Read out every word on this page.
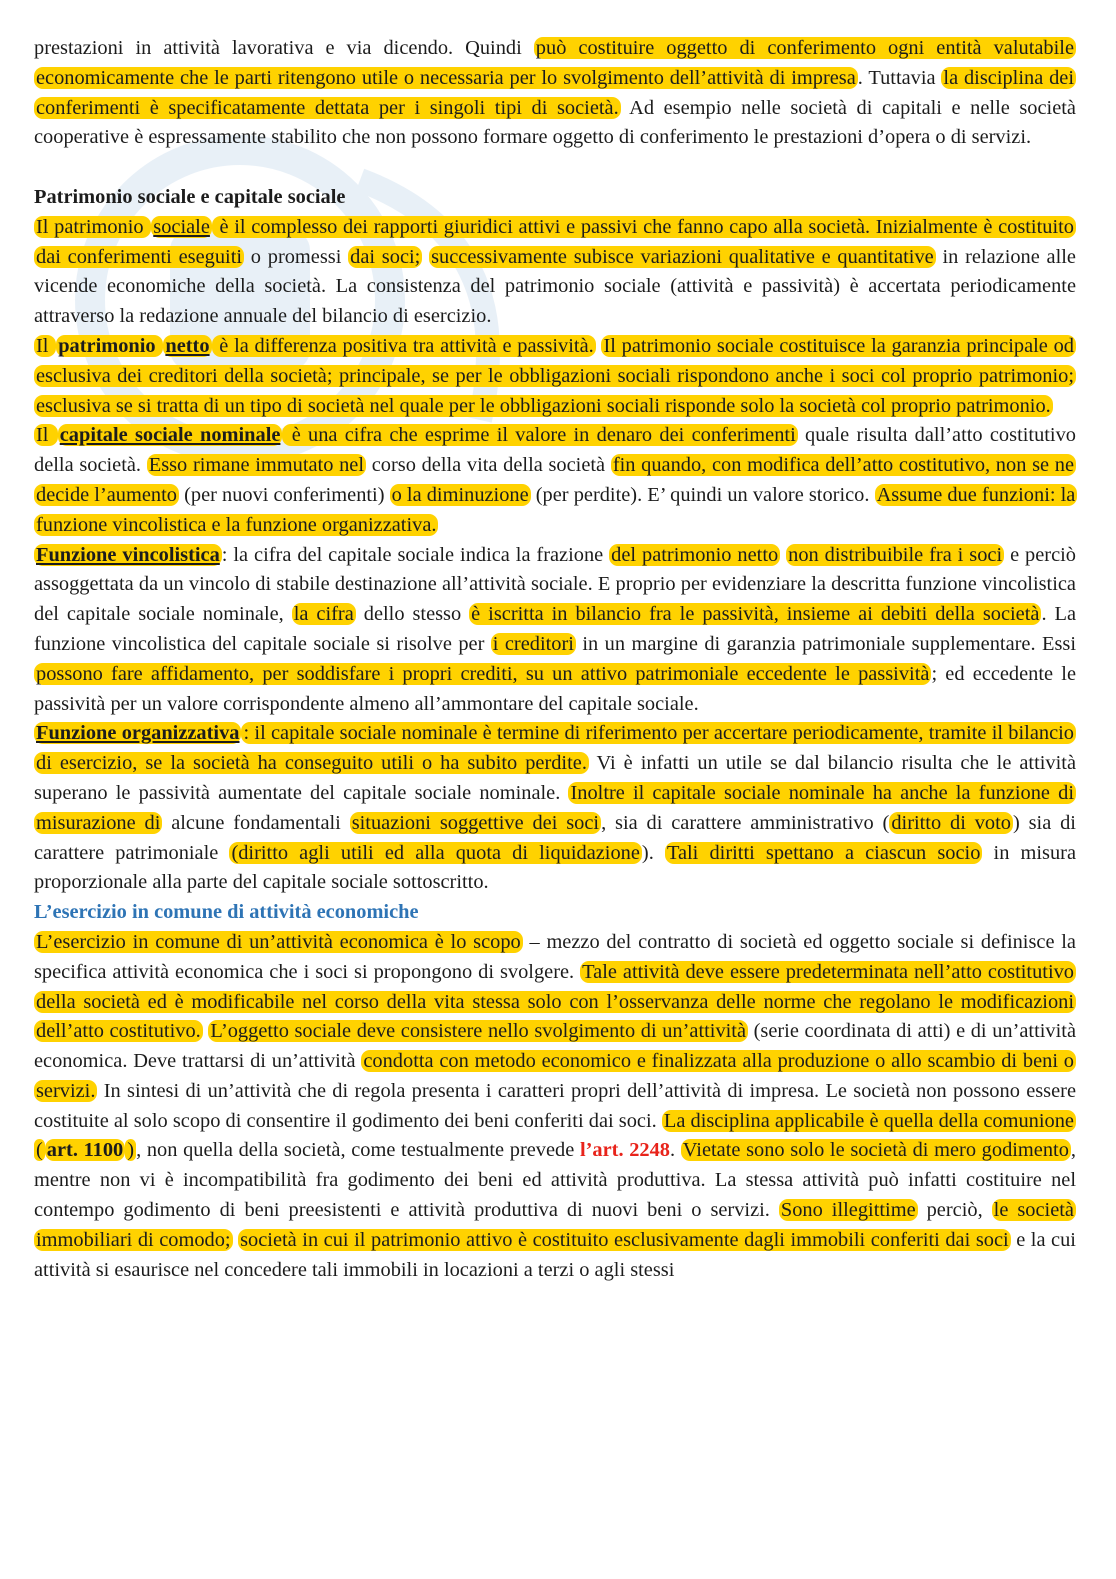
prestazioni in attività lavorativa e via dicendo. Quindi può costituire oggetto di conferimento ogni entità valutabile economicamente che le parti ritengono utile o necessaria per lo svolgimento dell’attività di impresa. Tuttavia la disciplina dei conferimenti è specificatamente dettata per i singoli tipi di società. Ad esempio nelle società di capitali e nelle società cooperative è espressamente stabilito che non possono formare oggetto di conferimento le prestazioni d’opera o di servizi.

Patrimonio sociale e capitale sociale

Il patrimonio sociale è il complesso dei rapporti giuridici attivi e passivi che fanno capo alla società. Inizialmente è costituito dai conferimenti eseguiti o promessi dai soci; successivamente subisce variazioni qualitative e quantitative in relazione alle vicende economiche della società. La consistenza del patrimonio sociale (attività e passività) è accertata periodicamente attraverso la redazione annuale del bilancio di esercizio.

Il patrimonio netto è la differenza positiva tra attività e passività. Il patrimonio sociale costituisce la garanzia principale od esclusiva dei creditori della società; principale, se per le obbligazioni sociali rispondono anche i soci col proprio patrimonio; esclusiva se si tratta di un tipo di società nel quale per le obbligazioni sociali risponde solo la società col proprio patrimonio.

Il capitale sociale nominale è una cifra che esprime il valore in denaro dei conferimenti quale risulta dall’atto costitutivo della società. Esso rimane immutato nel corso della vita della società fin quando, con modifica dell’atto costitutivo, non se ne decide l’aumento (per nuovi conferimenti) o la diminuzione (per perdite). E’ quindi un valore storico. Assume due funzioni: la funzione vincolistica e la funzione organizzativa.

Funzione vincolistica: la cifra del capitale sociale indica la frazione del patrimonio netto non distribuibile fra i soci e perciò assoggettata da un vincolo di stabile destinazione all’attività sociale. E proprio per evidenziare la descritta funzione vincolistica del capitale sociale nominale, la cifra dello stesso è iscritta in bilancio fra le passività, insieme ai debiti della società. La funzione vincolistica del capitale sociale si risolve per i creditori in un margine di garanzia patrimoniale supplementare. Essi possono fare affidamento, per soddisfare i propri crediti, su un attivo patrimoniale eccedente le passività; ed eccedente le passività per un valore corrispondente almeno all’ammontare del capitale sociale.

Funzione organizzativa : il capitale sociale nominale è termine di riferimento per accertare periodicamente, tramite il bilancio di esercizio, se la società ha conseguito utili o ha subito perdite. Vi è infatti un utile se dal bilancio risulta che le attività superano le passività aumentate del capitale sociale nominale. Inoltre il capitale sociale nominale ha anche la funzione di misurazione di alcune fondamentali situazioni soggettive dei soci, sia di carattere amministrativo (diritto di voto) sia di carattere patrimoniale (diritto agli utili ed alla quota di liquidazione). Tali diritti spettano a ciascun socio in misura proporzionale alla parte del capitale sociale sottoscritto.

L’esercizio in comune di attività economiche

L’esercizio in comune di un’attività economica è lo scopo – mezzo del contratto di società ed oggetto sociale si definisce la specifica attività economica che i soci si propongono di svolgere. Tale attività deve essere predeterminata nell’atto costitutivo della società ed è modificabile nel corso della vita stessa solo con l’osservanza delle norme che regolano le modificazioni dell’atto costitutivo. L’oggetto sociale deve consistere nello svolgimento di un’attività (serie coordinata di atti) e di un’attività economica. Deve trattarsi di un’attività condotta con metodo economico e finalizzata alla produzione o allo scambio di beni o servizi. In sintesi di un’attività che di regola presenta i caratteri propri dell’attività di impresa. Le società non possono essere costituite al solo scopo di consentire il godimento dei beni conferiti dai soci. La disciplina applicabile è quella della comunione ( art. 1100 ), non quella della società, come testualmente prevede l’art. 2248. Vietate sono solo le società di mero godimento, mentre non vi è incompatibilità fra godimento dei beni ed attività produttiva. La stessa attività può infatti costituire nel contempo godimento di beni preesistenti e attività produttiva di nuovi beni o servizi. Sono illegittime perciò, le società immobiliari di comodo; società in cui il patrimonio attivo è costituito esclusivamente dagli immobili conferiti dai soci e la cui attività si esaurisce nel concedere tali immobili in locazioni a terzi o agli stessi
